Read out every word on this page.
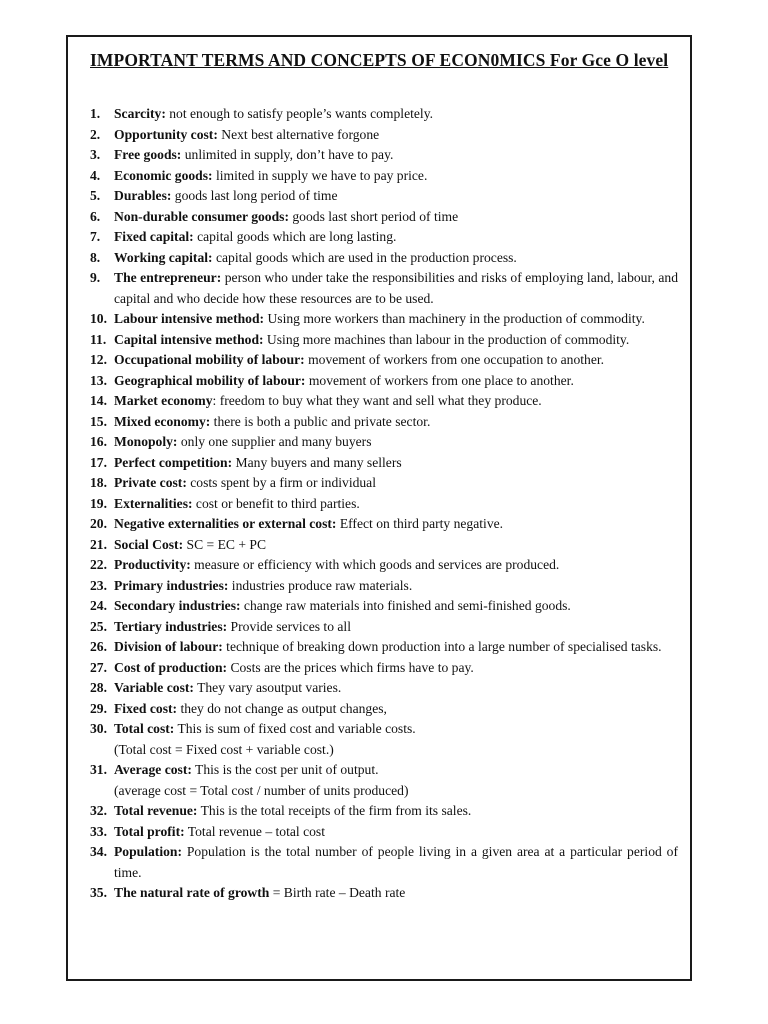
IMPORTANT TERMS AND CONCEPTS OF ECON0MICS For Gce O level
1. Scarcity: not enough to satisfy people’s wants completely.
2. Opportunity cost: Next best alternative forgone
3. Free goods: unlimited in supply, don’t have to pay.
4. Economic goods: limited in supply we have to pay price.
5. Durables: goods last long period of time
6. Non-durable consumer goods: goods last short period of time
7. Fixed capital: capital goods which are long lasting.
8. Working capital: capital goods which are used in the production process.
9. The entrepreneur: person who under take the responsibilities and risks of employing land, labour, and capital and who decide how these resources are to be used.
10. Labour intensive method: Using more workers than machinery in the production of commodity.
11. Capital intensive method: Using more machines than labour in the production of commodity.
12. Occupational mobility of labour: movement of workers from one occupation to another.
13. Geographical mobility of labour: movement of workers from one place to another.
14. Market economy: freedom to buy what they want and sell what they produce.
15. Mixed economy: there is both a public and private sector.
16. Monopoly: only one supplier and many buyers
17. Perfect competition: Many buyers and many sellers
18. Private cost: costs spent by a firm or individual
19. Externalities: cost or benefit to third parties.
20. Negative externalities or external cost: Effect on third party negative.
21. Social Cost: SC = EC + PC
22. Productivity: measure or efficiency with which goods and services are produced.
23. Primary industries: industries produce raw materials.
24. Secondary industries: change raw materials into finished and semi-finished goods.
25. Tertiary industries: Provide services to all
26. Division of labour: technique of breaking down production into a large number of specialised tasks.
27. Cost of production: Costs are the prices which firms have to pay.
28. Variable cost: They vary asoutput varies.
29. Fixed cost: they do not change as output changes,
30. Total cost: This is sum of fixed cost and variable costs.
(Total cost = Fixed cost + variable cost.)
31. Average cost: This is the cost per unit of output.
(average cost = Total cost / number of units produced)
32. Total revenue: This is the total receipts of the firm from its sales.
33. Total profit: Total revenue – total cost
34. Population: Population is the total number of people living in a given area at a particular period of time.
35. The natural rate of growth = Birth rate – Death rate
